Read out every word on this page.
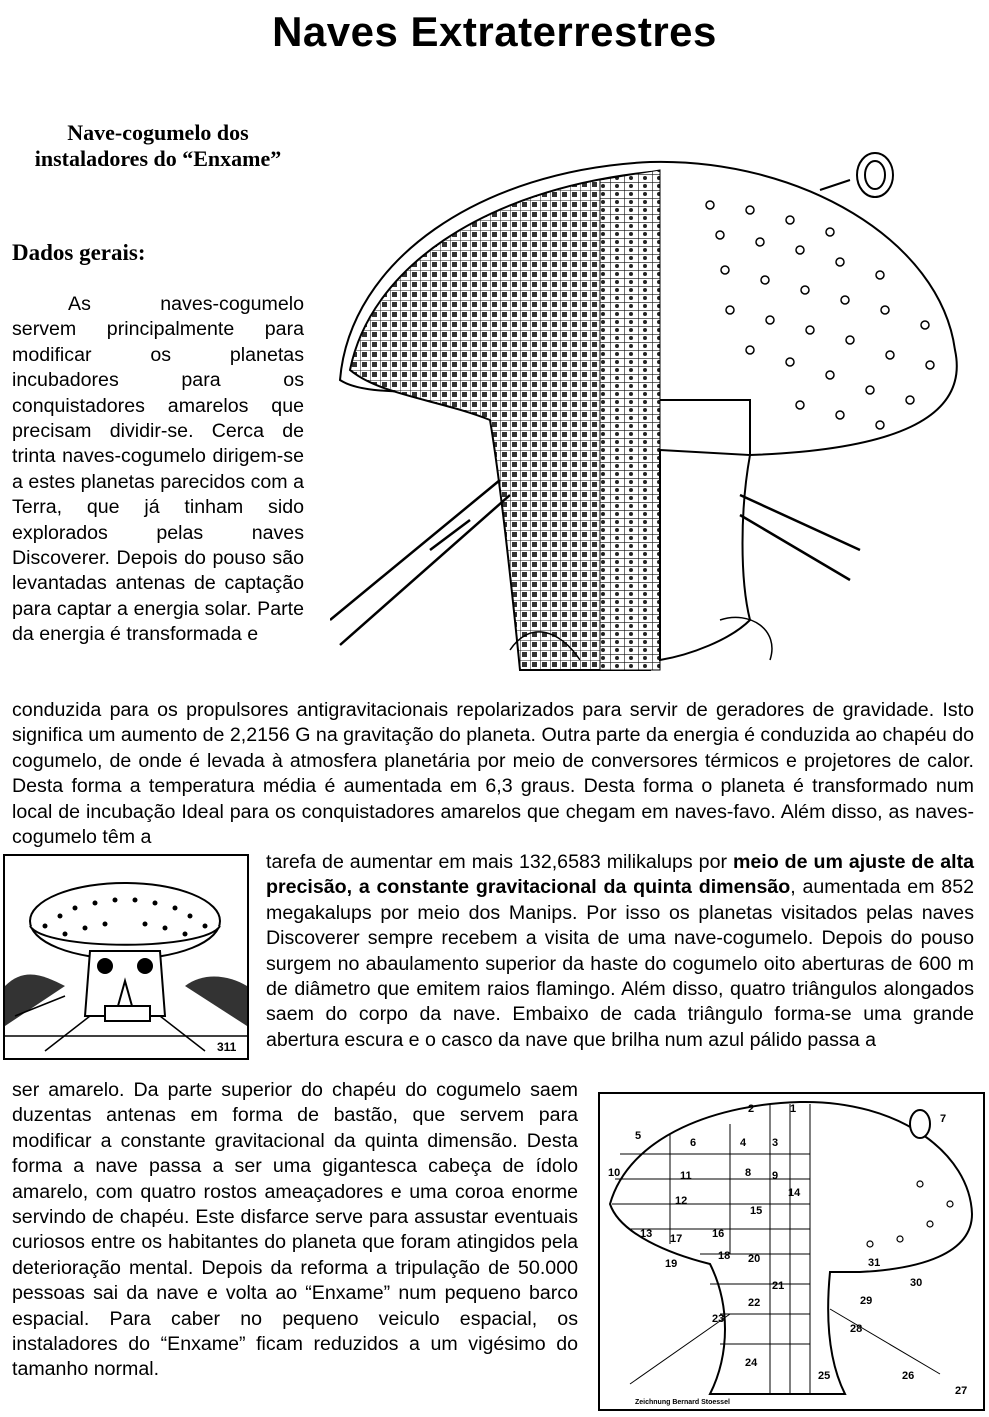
Naves Extraterrestres
Nave-cogumelo dos instaladores do “Enxame”
Dados gerais:
As naves-cogumelo servem principalmente para modificar os planetas incubadores para os conquistadores amarelos que precisam dividir-se. Cerca de trinta naves-cogumelo dirigem-se a estes planetas parecidos com a Terra, que já tinham sido explorados pelas naves Discoverer. Depois do pouso são levantadas antenas de captação para captar a energia solar. Parte da energia é transformada e
conduzida para os propulsores antigravitacionais repolarizados para servir de geradores de gravidade. Isto significa um aumento de 2,2156 G na gravitação do planeta. Outra parte da energia é conduzida ao chapéu do cogumelo, de onde é levada à atmosfera planetária por meio de conversores térmicos e projetores de calor. Desta forma a temperatura média é aumentada em 6,3 graus. Desta forma o planeta é transformado num local de incubação Ideal para os conquistadores amarelos que chegam em naves-favo. Além disso, as naves-cogumelo têm a
tarefa de aumentar em mais 132,6583 milikalups por meio de um ajuste de alta precisão, a constante gravitacional da quinta dimensão, aumentada em 852 megakalups por meio dos Manips. Por isso os planetas visitados pelas naves Discoverer sempre recebem a visita de uma nave-cogumelo. Depois do pouso surgem no abaulamento superior da haste do cogumelo oito aberturas de 600 m de diâmetro que emitem raios flamingo. Além disso, quatro triângulos alongados saem do corpo da nave. Embaixo de cada triângulo forma-se uma grande abertura escura e o casco da nave que brilha num azul pálido passa a
ser amarelo. Da parte superior do chapéu do cogumelo saem duzentas antenas em forma de bastão, que servem para modificar a constante gravitacional da quinta dimensão. Desta forma a nave passa a ser uma gigantesca cabeça de ídolo amarelo, com quatro rostos ameaçadores e uma coroa enorme servindo de chapéu. Este disfarce serve para assustar eventuais curiosos entre os habitantes do planeta que foram atingidos pela deterioração mental. Depois da reforma a tripulação de 50.000 pessoas sai da nave e volta ao “Enxame” num pequeno barco espacial. Para caber no pequeno veiculo espacial, os instaladores do “Enxame” ficam reduzidos a um vigésimo do tamanho normal.
311
2	1
5
6	4 3
7
10	11	8 9
12
14
15
13 17	16
19
18 20
21
22
23
24
25	26
27
28
29
30
31
Zeichnung Bernard Stoessel
